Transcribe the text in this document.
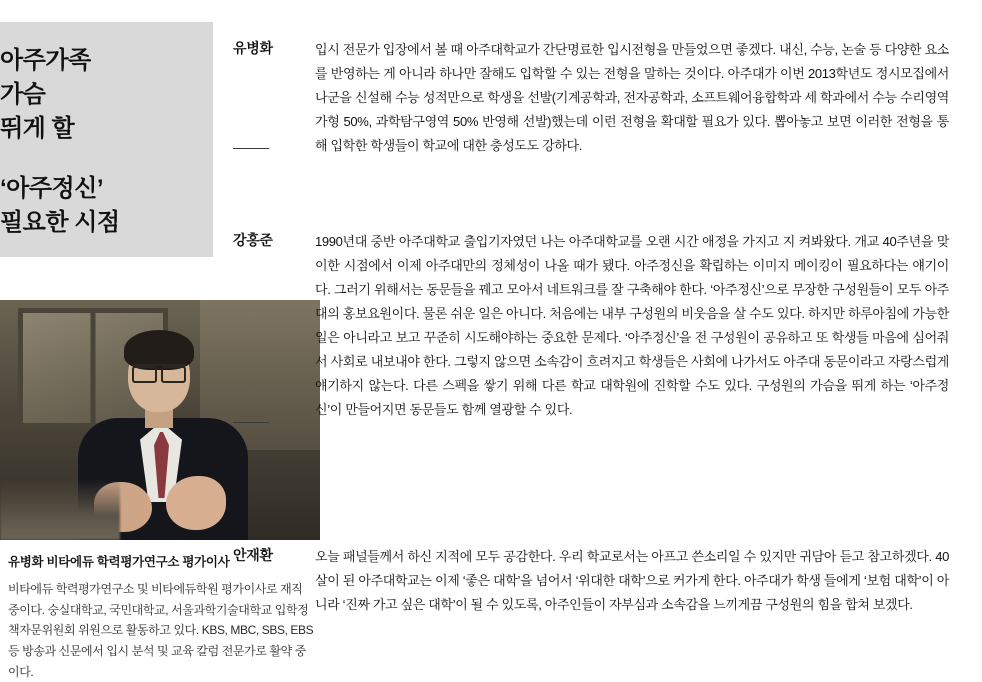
아주가족
가슴
뛰게 할
‘아주정신’
필요한 시점
유병화 비타에듀 학력평가연구소 평가이사
비타에듀 학력평가연구소 및 비타에듀학원 평가이사로 재직 중이다. 숭실대학교, 국민대학교, 서울과학기술대학교 입학정책자문위원회 위원으로 활동하고 있다. KBS, MBC, SBS, EBS 등 방송과 신문에서 입시 분석 및 교육 칼럼 전문가로 활약 중이다.
유병화	입시 전문가 입장에서 볼 때 아주대학교가 간단명료한 입시전형을 만들었으면 좋겠다. 내신, 수능, 논술 등 다양한 요소를 반영하는 게 아니라 하나만 잘해도 입학할 수 있는 전형을 말하는 것이다. 아주대가 이번 2013학년도 정시모집에서 나군을 신설해 수능 성적만으로 학생을 선발(기계공학과, 전자공학과, 소프트웨어융합학과 세 학과에서 수능 수리영역 가형 50%, 과학탐구영역 50% 반영해 선발)했는데 이런 전형을 확대할 필요가 있다. 뽑아놓고 보면 이러한 전형을 통해 입학한 학생들이 학교에 대한 충성도도 강하다.
강홍준	1990년대 중반 아주대학교 출입기자였던 나는 아주대학교를 오랜 시간 애정을 가지고 지 켜봐왔다. 개교 40주년을 맞이한 시점에서 이제 아주대만의 정체성이 나올 때가 됐다. 아주정신을 확립하는 이미지 메이킹이 필요하다는 얘기이다. 그러기 위해서는 동문들을 꿰고 모아서 네트워크를 잘 구축해야 한다. ‘아주정신’으로 무장한 구성원들이 모두 아주대의 홍보요원이다. 물론 쉬운 일은 아니다. 처음에는 내부 구성원의 비웃음을 살 수도 있다. 하지만 하루아침에 가능한 일은 아니라고 보고 꾸준히 시도해야하는 중요한 문제다. ‘아주정신’을 전 구성원이 공유하고 또 학생들 마음에 심어줘서 사회로 내보내야 한다. 그렇지 않으면 소속감이 흐려지고 학생들은 사회에 나가서도 아주대 동문이라고 자랑스럽게 얘기하지 않는다. 다른 스펙을 쌓기 위해 다른 학교 대학원에 진학할 수도 있다. 구성원의 가슴을 뛰게 하는 ‘아주정신’이 만들어지면 동문들도 함께 열광할 수 있다.
안재환	오늘 패널들께서 하신 지적에 모두 공감한다. 우리 학교로서는 아프고 쓴소리일 수 있지만 귀담아 듣고 참고하겠다. 40살이 된 아주대학교는 이제 ‘좋은 대학’을 넘어서 ‘위대한 대학’으로 커가게 한다. 아주대가 학생 들에게 ‘보험 대학’이 아니라 ‘진짜 가고 싶은 대학’이 될 수 있도록, 아주인들이 자부심과 소속감을 느끼게끔 구성원의 힘을 합쳐 보겠다.
